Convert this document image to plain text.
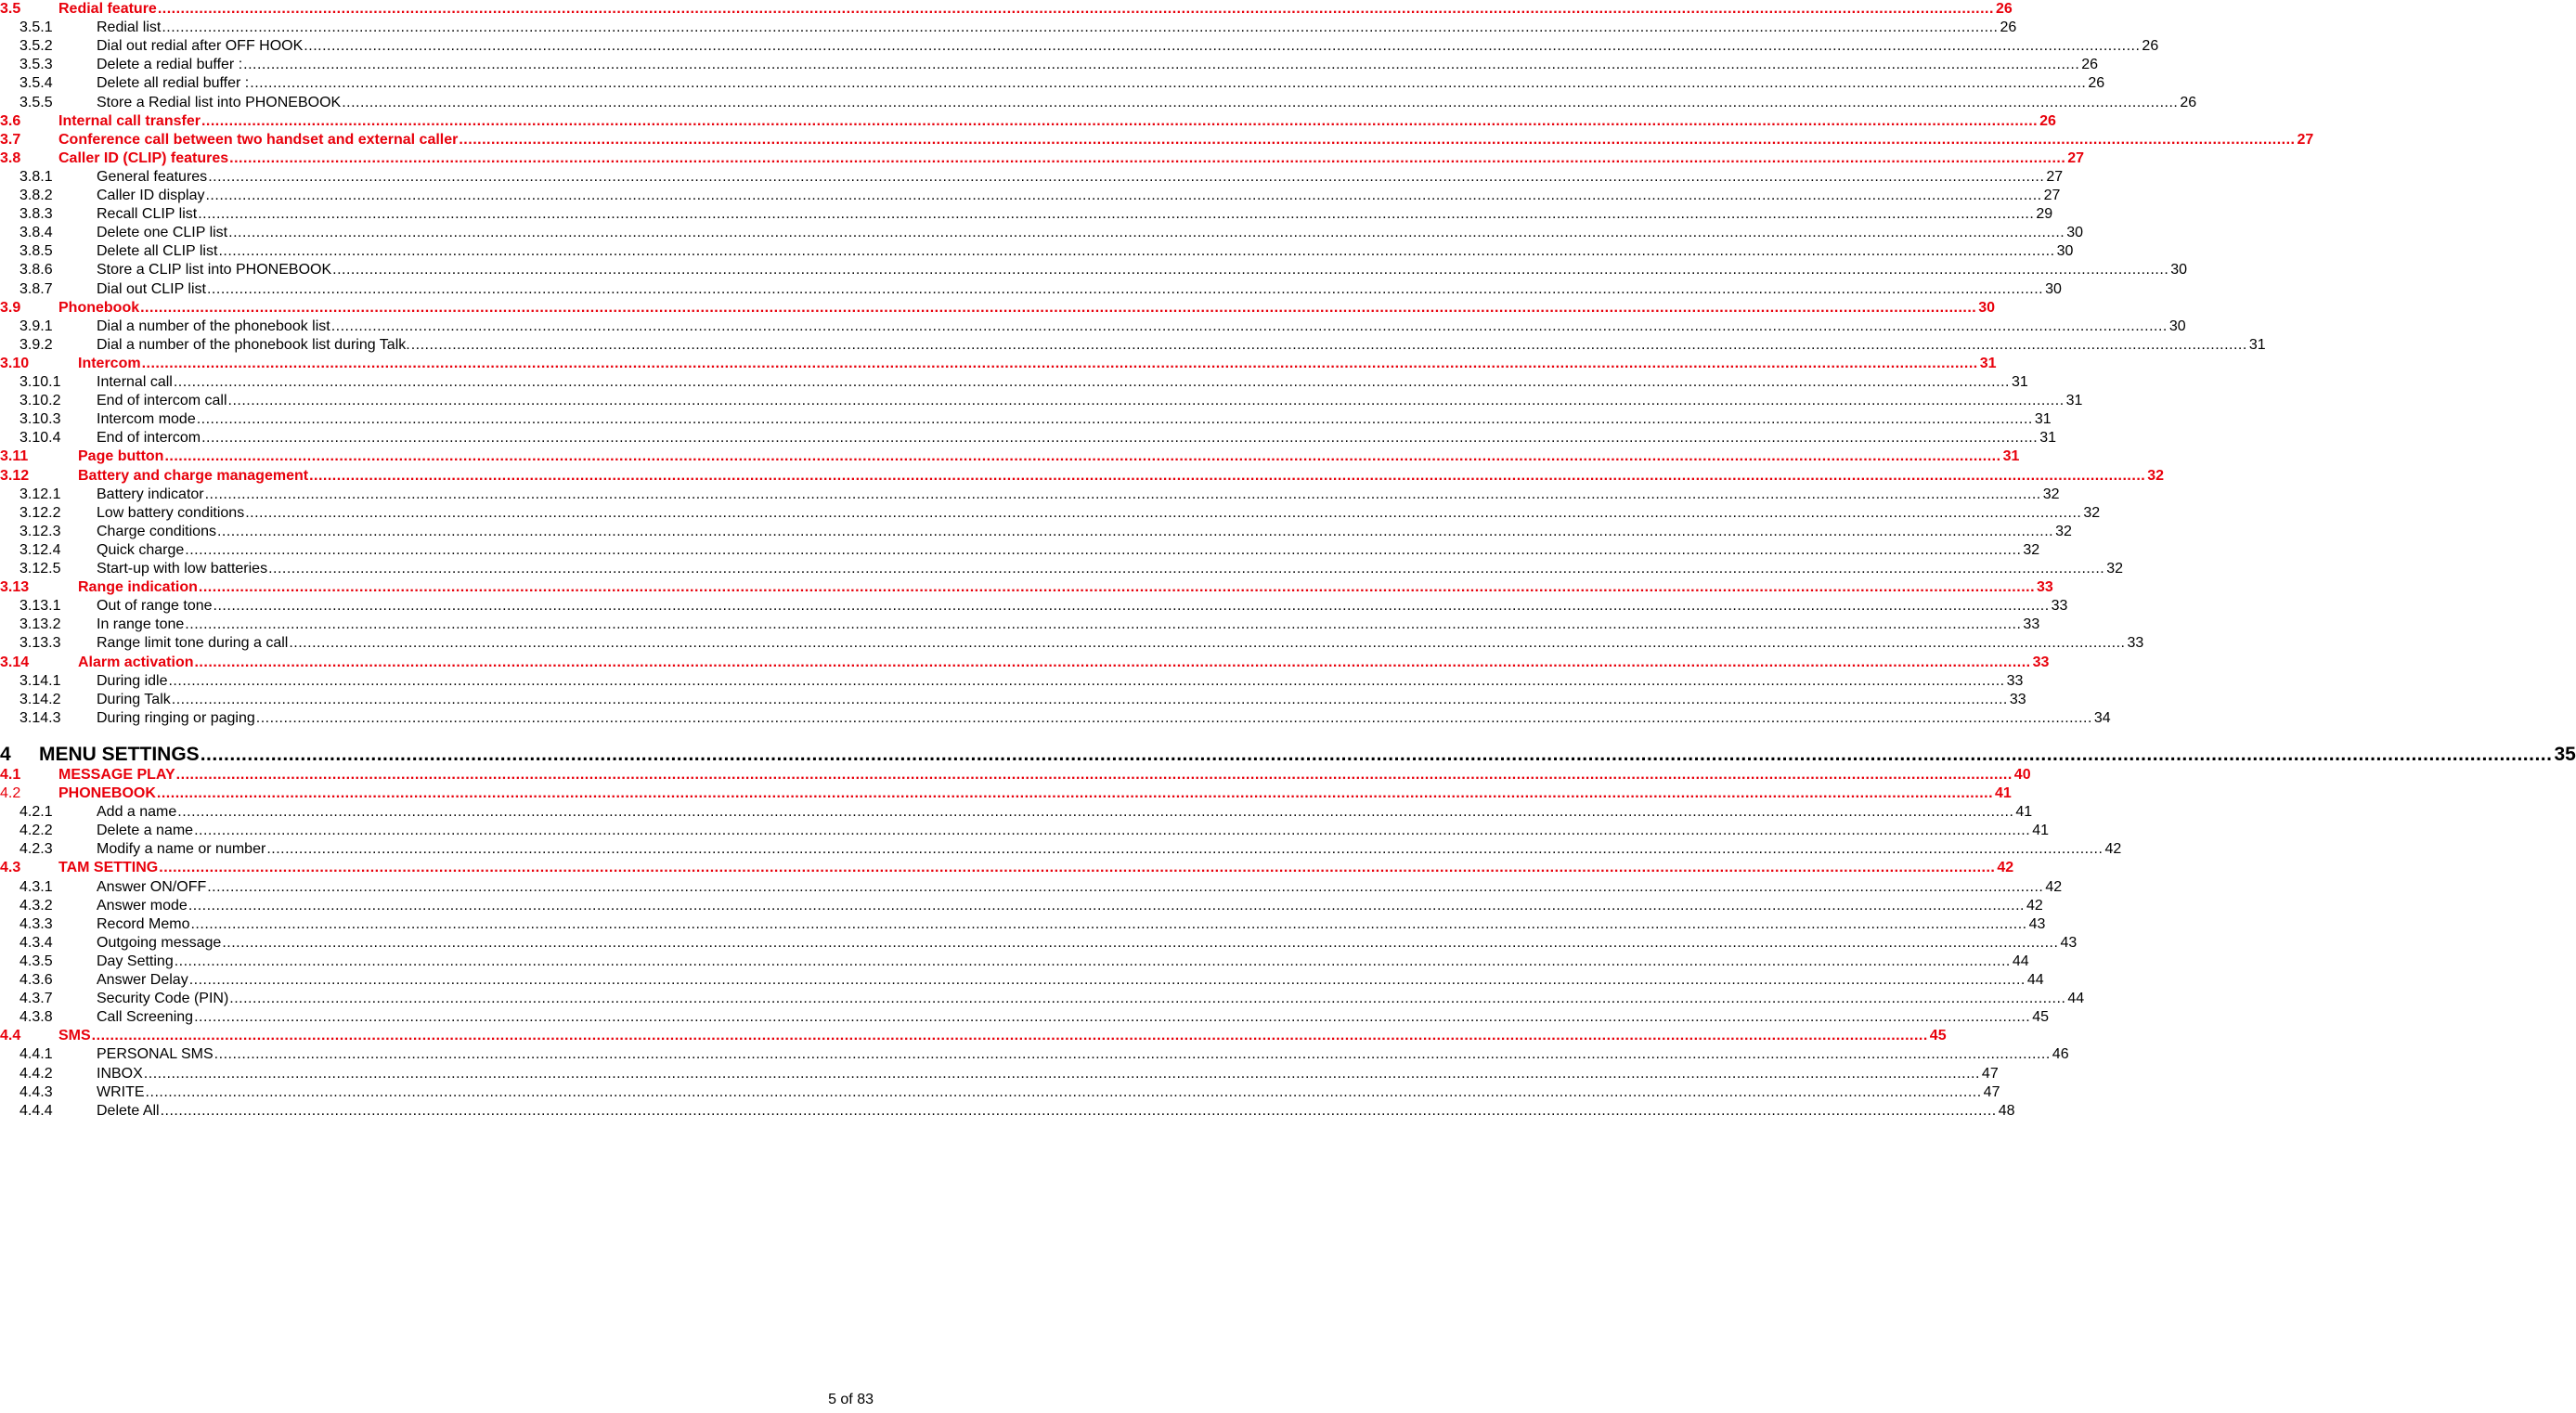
3.5	Redial feature ................................................................................................................................................................................................................................................................................................................................................................................................................ 26
3.5.1	Redial list ................................................................................................................................................................................................................................................................................................................................................................................................................ 26
3.5.2	Dial out redial after OFF HOOK ................................................................................................................................................................................................................................................................................................................................................................................................................ 26
3.5.3	Delete a redial buffer : ................................................................................................................................................................................................................................................................................................................................................................................................................ 26
3.5.4	Delete all redial buffer : ................................................................................................................................................................................................................................................................................................................................................................................................................ 26
3.5.5	Store a Redial list into PHONEBOOK ................................................................................................................................................................................................................................................................................................................................................................................................................ 26
3.6	Internal call transfer ................................................................................................................................................................................................................................................................................................................................................................................................................ 26
3.7	Conference call between two handset and external caller ................................................................................................................................................................................................................................................................................................................................................................................................................ 27
3.8	Caller ID (CLIP) features ................................................................................................................................................................................................................................................................................................................................................................................................................ 27
3.8.1	General features ................................................................................................................................................................................................................................................................................................................................................................................................................ 27
3.8.2	Caller ID display ................................................................................................................................................................................................................................................................................................................................................................................................................ 27
3.8.3	Recall CLIP list ................................................................................................................................................................................................................................................................................................................................................................................................................ 29
3.8.4	Delete one CLIP list ................................................................................................................................................................................................................................................................................................................................................................................................................ 30
3.8.5	Delete all CLIP list ................................................................................................................................................................................................................................................................................................................................................................................................................ 30
3.8.6	Store a CLIP list into PHONEBOOK ................................................................................................................................................................................................................................................................................................................................................................................................................ 30
3.8.7	Dial out CLIP list ................................................................................................................................................................................................................................................................................................................................................................................................................ 30
3.9	Phonebook ................................................................................................................................................................................................................................................................................................................................................................................................................ 30
3.9.1	Dial a number of the phonebook list ................................................................................................................................................................................................................................................................................................................................................................................................................ 30
3.9.2	Dial a number of the phonebook list during Talk. ................................................................................................................................................................................................................................................................................................................................................................................................................ 31
3.10	Intercom ................................................................................................................................................................................................................................................................................................................................................................................................................ 31
3.10.1 Internal call ................................................................................................................................................................................................................................................................................................................................................................................................................ 31
3.10.2 End of intercom call ................................................................................................................................................................................................................................................................................................................................................................................................................ 31
3.10.3 Intercom mode ................................................................................................................................................................................................................................................................................................................................................................................................................ 31
3.10.4 End of intercom ................................................................................................................................................................................................................................................................................................................................................................................................................ 31
3.11	Page button ................................................................................................................................................................................................................................................................................................................................................................................................................ 31
3.12	Battery and charge management ................................................................................................................................................................................................................................................................................................................................................................................................................ 32
3.12.1 Battery indicator ................................................................................................................................................................................................................................................................................................................................................................................................................ 32
3.12.2 Low battery conditions ................................................................................................................................................................................................................................................................................................................................................................................................................ 32
3.12.3 Charge conditions ................................................................................................................................................................................................................................................................................................................................................................................................................ 32
3.12.4 Quick charge ................................................................................................................................................................................................................................................................................................................................................................................................................ 32
3.12.5 Start-up with low batteries ................................................................................................................................................................................................................................................................................................................................................................................................................ 32
3.13	Range indication ................................................................................................................................................................................................................................................................................................................................................................................................................ 33
3.13.1 Out of range tone ................................................................................................................................................................................................................................................................................................................................................................................................................ 33
3.13.2 In range tone ................................................................................................................................................................................................................................................................................................................................................................................................................ 33
3.13.3 Range limit tone during a call ................................................................................................................................................................................................................................................................................................................................................................................................................ 33
3.14	Alarm activation ................................................................................................................................................................................................................................................................................................................................................................................................................ 33
3.14.1 During idle ................................................................................................................................................................................................................................................................................................................................................................................................................ 33
3.14.2 During Talk ................................................................................................................................................................................................................................................................................................................................................................................................................ 33
3.14.3 During ringing or paging ................................................................................................................................................................................................................................................................................................................................................................................................................ 34
4 MENU SETTINGS ................................................................................................................................................................................................................................................................................................................................................................................................................ 35
4.1	MESSAGE PLAY ................................................................................................................................................................................................................................................................................................................................................................................................................ 40
4.2	PHONEBOOK ................................................................................................................................................................................................................................................................................................................................................................................................................ 41
4.2.1	Add a name ................................................................................................................................................................................................................................................................................................................................................................................................................ 41
4.2.2	Delete a name ................................................................................................................................................................................................................................................................................................................................................................................................................ 41
4.2.3	Modify a name or number ................................................................................................................................................................................................................................................................................................................................................................................................................ 42
4.3	TAM SETTING ................................................................................................................................................................................................................................................................................................................................................................................................................ 42
4.3.1	Answer ON/OFF ................................................................................................................................................................................................................................................................................................................................................................................................................ 42
4.3.2	Answer mode ................................................................................................................................................................................................................................................................................................................................................................................................................ 42
4.3.3	Record Memo ................................................................................................................................................................................................................................................................................................................................................................................................................ 43
4.3.4	Outgoing message ................................................................................................................................................................................................................................................................................................................................................................................................................ 43
4.3.5	Day Setting ................................................................................................................................................................................................................................................................................................................................................................................................................ 44
4.3.6	Answer Delay ................................................................................................................................................................................................................................................................................................................................................................................................................ 44
4.3.7	Security Code (PIN) ................................................................................................................................................................................................................................................................................................................................................................................................................ 44
4.3.8	Call Screening ................................................................................................................................................................................................................................................................................................................................................................................................................ 45
4.4	SMS ................................................................................................................................................................................................................................................................................................................................................................................................................ 45
4.4.1	PERSONAL SMS ................................................................................................................................................................................................................................................................................................................................................................................................................ 46
4.4.2	INBOX ................................................................................................................................................................................................................................................................................................................................................................................................................ 47
4.4.3	WRITE ................................................................................................................................................................................................................................................................................................................................................................................................................ 47
4.4.4	Delete All ................................................................................................................................................................................................................................................................................................................................................................................................................ 48
5 of 83
